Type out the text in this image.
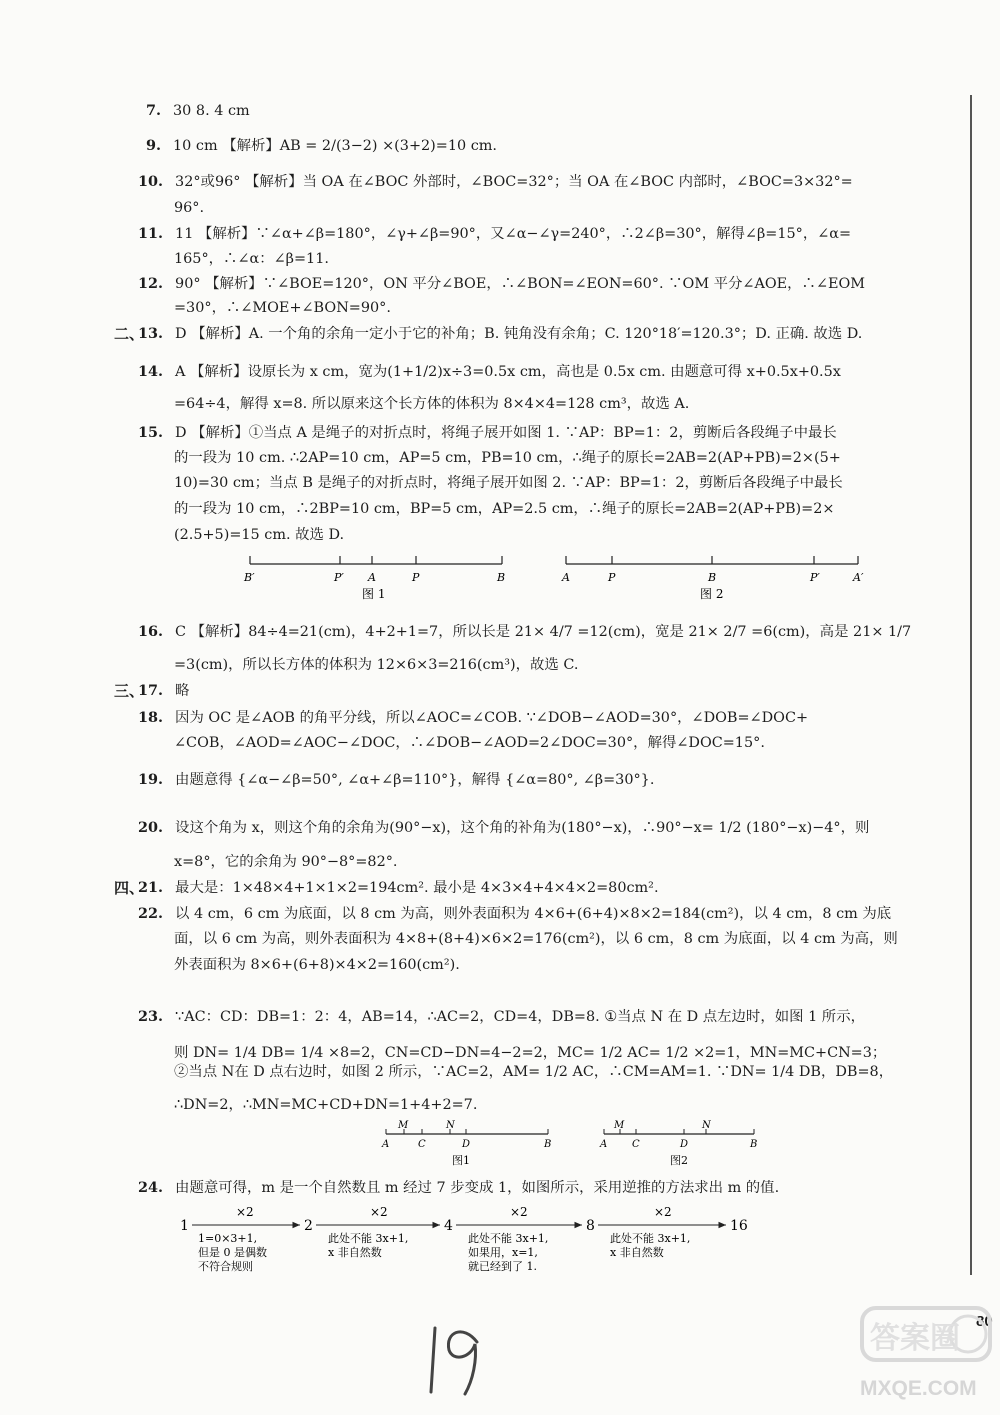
二、
三、
四、
7. 30 8. 4 cm
9. 10 cm 【解析】AB = 2/(3−2) ×(3+2)=10 cm.
10. 32°或96° 【解析】当 OA 在∠BOC 外部时，∠BOC=32°；当 OA 在∠BOC 内部时，∠BOC=3×32°=
96°.
11. 11 【解析】∵∠α+∠β=180°，∠γ+∠β=90°，又∠α−∠γ=240°，∴2∠β=30°，解得∠β=15°，∠α=
165°，∴∠α：∠β=11.
12. 90° 【解析】∵∠BOE=120°，ON 平分∠BOE，∴∠BON=∠EON=60°. ∵OM 平分∠AOE，∴∠EOM
=30°，∴∠MOE+∠BON=90°.
13. D 【解析】A. 一个角的余角一定小于它的补角；B. 钝角没有余角；C. 120°18′=120.3°；D. 正确. 故选 D.
14. A 【解析】设原长为 x cm，宽为(1+1/2)x÷3=0.5x cm，高也是 0.5x cm. 由题意可得 x+0.5x+0.5x
=64÷4，解得 x=8. 所以原来这个长方体的体积为 8×4×4=128 cm³，故选 A.
15. D 【解析】①当点 A 是绳子的对折点时，将绳子展开如图 1. ∵AP：BP=1：2，剪断后各段绳子中最长
的一段为 10 cm. ∴2AP=10 cm，AP=5 cm，PB=10 cm，∴绳子的原长=2AB=2(AP+PB)=2×(5+
10)=30 cm；当点 B 是绳子的对折点时，将绳子展开如图 2. ∵AP：BP=1：2，剪断后各段绳子中最长
的一段为 10 cm，∴2BP=10 cm，BP=5 cm，AP=2.5 cm，∴绳子的原长=2AB=2(AP+PB)=2×
(2.5+5)=15 cm. 故选 D.
16. C 【解析】84÷4=21(cm)，4+2+1=7，所以长是 21× 4/7 =12(cm)，宽是 21× 2/7 =6(cm)，高是 21× 1/7
=3(cm)，所以长方体的体积为 12×6×3=216(cm³)，故选 C.
17. 略
18. 因为 OC 是∠AOB 的角平分线，所以∠AOC=∠COB. ∵∠DOB−∠AOD=30°，∠DOB=∠DOC+
∠COB，∠AOD=∠AOC−∠DOC，∴∠DOB−∠AOD=2∠DOC=30°，解得∠DOC=15°.
19. 由题意得 {∠α−∠β=50°, ∠α+∠β=110°}，解得 {∠α=80°, ∠β=30°}.
20. 设这个角为 x，则这个角的余角为(90°−x)，这个角的补角为(180°−x)，∴90°−x= 1/2 (180°−x)−4°，则
x=8°，它的余角为 90°−8°=82°.
21. 最大是：1×48×4+1×1×2=194cm². 最小是 4×3×4+4×4×2=80cm².
22. 以 4 cm，6 cm 为底面，以 8 cm 为高，则外表面积为 4×6+(6+4)×8×2=184(cm²)，以 4 cm，8 cm 为底
面，以 6 cm 为高，则外表面积为 4×8+(8+4)×6×2=176(cm²)，以 6 cm，8 cm 为底面，以 4 cm 为高，则
外表面积为 8×6+(6+8)×4×2=160(cm²).
23. ∵AC：CD：DB=1：2：4，AB=14，∴AC=2，CD=4，DB=8. ①当点 N 在 D 点左边时，如图 1 所示，
则 DN= 1/4 DB= 1/4 ×8=2，CN=CD−DN=4−2=2，MC= 1/2 AC= 1/2 ×2=1，MN=MC+CN=3；
②当点 N在 D 点右边时，如图 2 所示，∵AC=2，AM= 1/2 AC，∴CM=AM=1. ∵DN= 1/4 DB，DB=8，
∴DN=2，∴MN=MC+CD+DN=1+4+2=7.
24. 由题意可得，m 是一个自然数且 m 经过 7 步变成 1，如图所示，采用逆推的方法求出 m 的值.
B′	P′ A	P	B
图 1
A	P	B	P′	A′
图 2
M	N
A	C	D	B
图1
M	N
A C	D	B
图2
1	2	4	8	16
×2	×2	×2	×2
1=0×3+1,
但是 0 是偶数
不符合规则
此处不能 3x+1,
x 非自然数
此处不能 3x+1,
如果用，x=1,
就已经到了 1.
此处不能 3x+1,
x 非自然数
80
答案圈
MXQE.COM
